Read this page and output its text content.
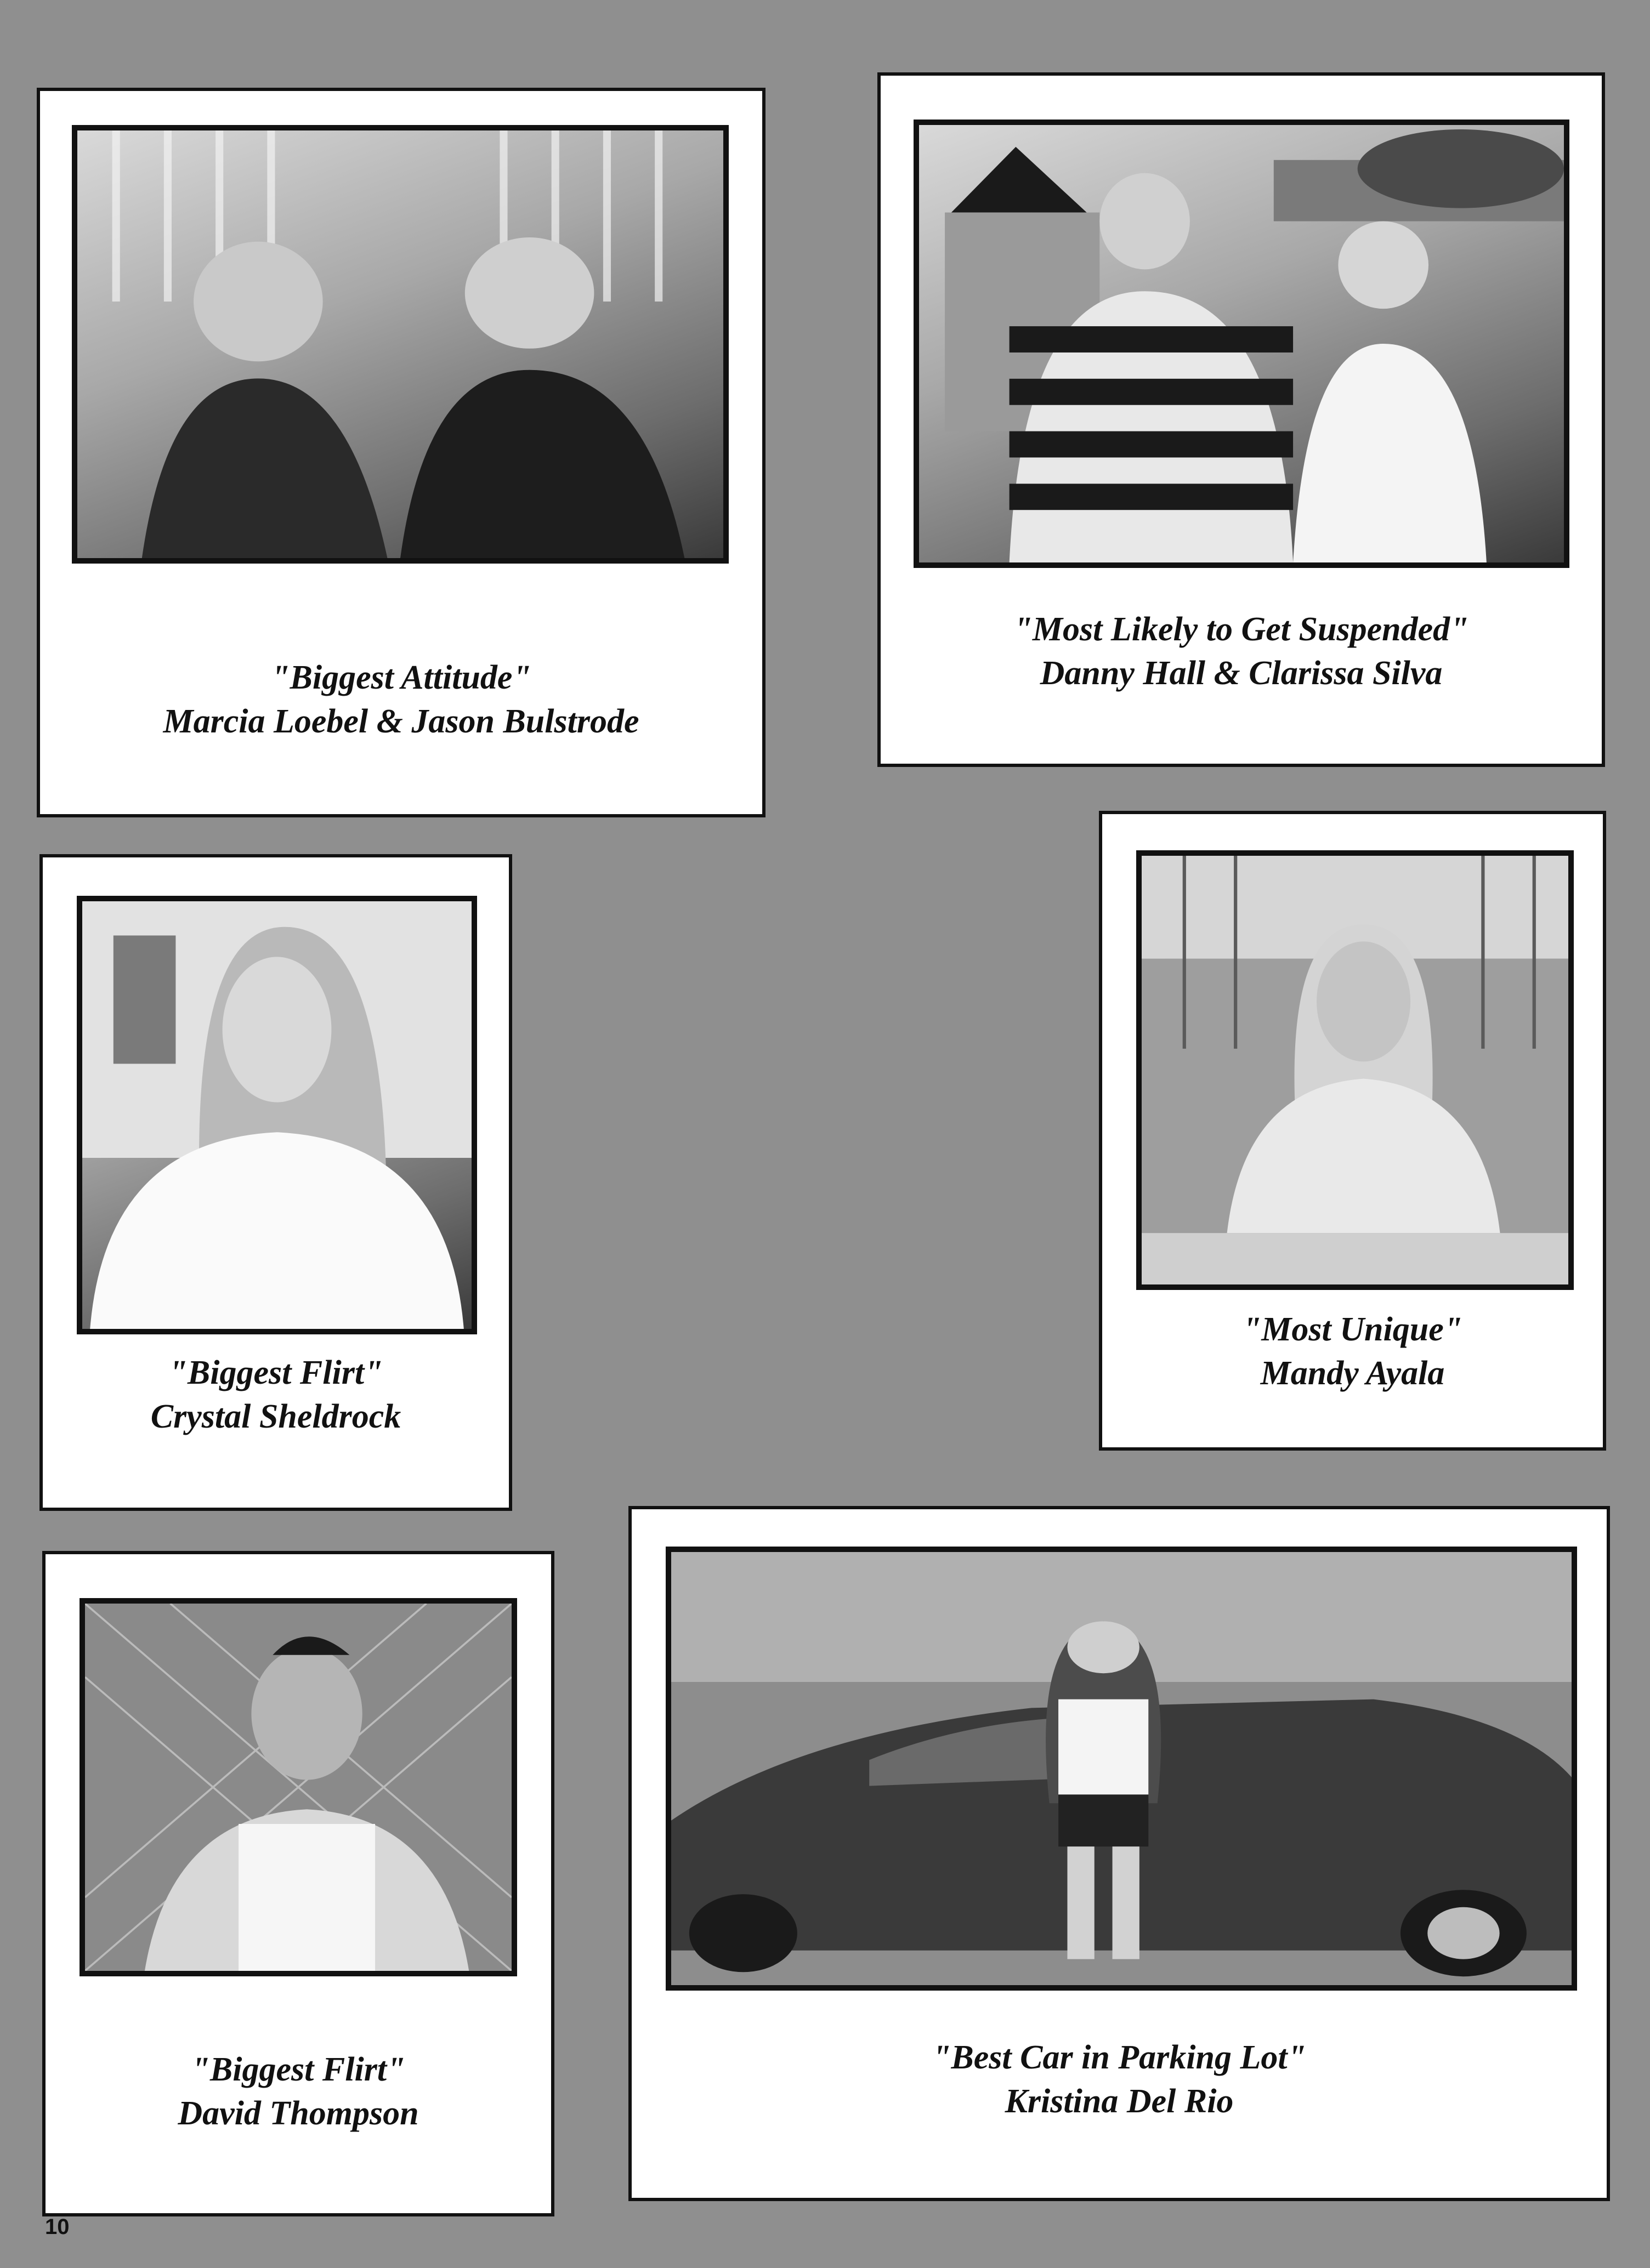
"Biggest Attitude"
Marcia Loebel & Jason Bulstrode
"Most Likely to Get Suspended"
Danny Hall & Clarissa Silva
"Biggest Flirt"
Crystal Sheldrock
"Most Unique"
Mandy Ayala
"Biggest Flirt"
David Thompson
"Best Car in Parking Lot"
Kristina Del Rio
10
